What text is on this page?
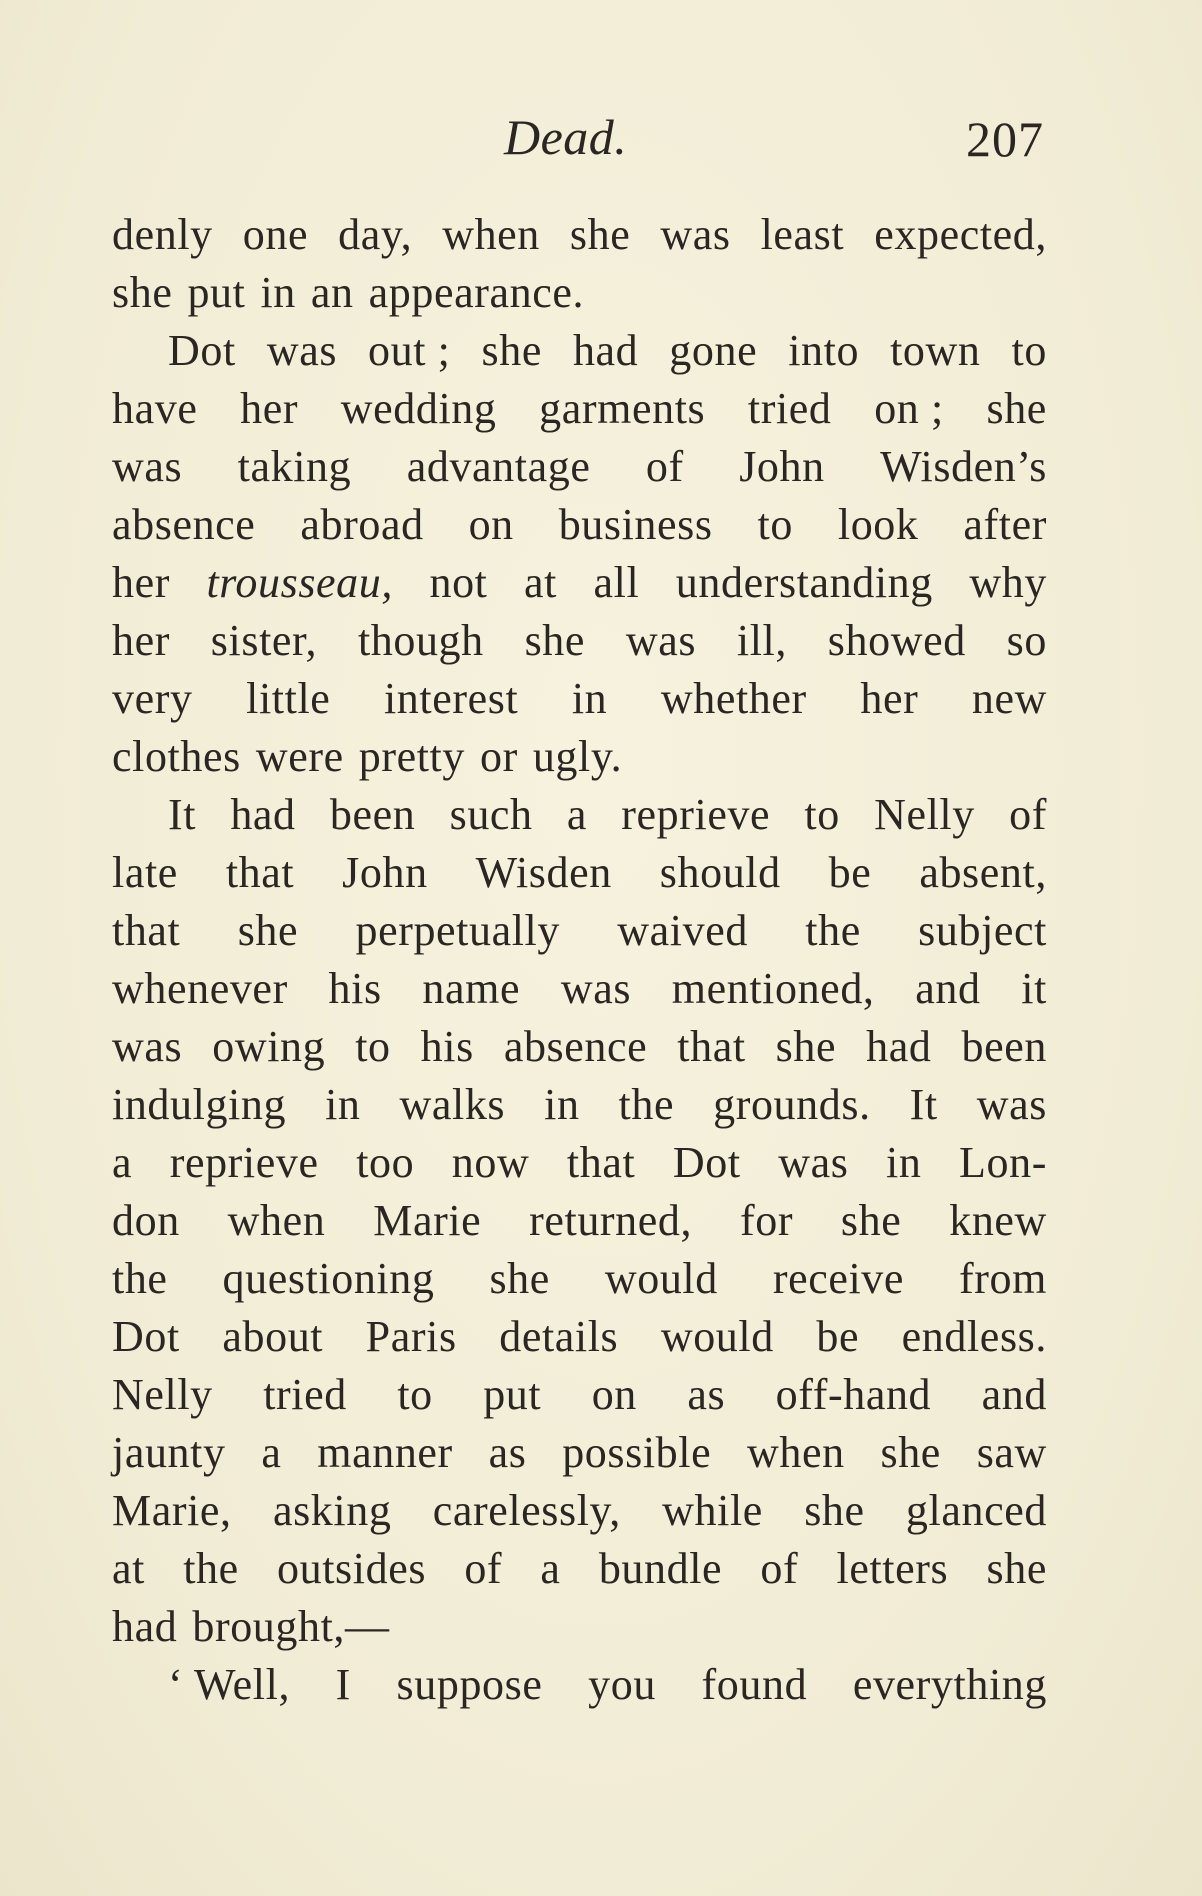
Dead.	207
denly one day, when she was least expected,
she put in an appearance.
Dot was out ; she had gone into town to
have her wedding garments tried on ; she
was taking advantage of John Wisden’s
absence abroad on business to look after
her trousseau, not at all understanding why
her sister, though she was ill, showed so
very little interest in whether her new
clothes were pretty or ugly.
It had been such a reprieve to Nelly of
late that John Wisden should be absent,
that she perpetually waived the subject
whenever his name was mentioned, and it
was owing to his absence that she had been
indulging in walks in the grounds. It was
a reprieve too now that Dot was in Lon-
don when Marie returned, for she knew
the questioning she would receive from
Dot about Paris details would be endless.
Nelly tried to put on as off-hand and
jaunty a manner as possible when she saw
Marie, asking carelessly, while she glanced
at the outsides of a bundle of letters she
had brought,—
‘ Well, I suppose you found everything
